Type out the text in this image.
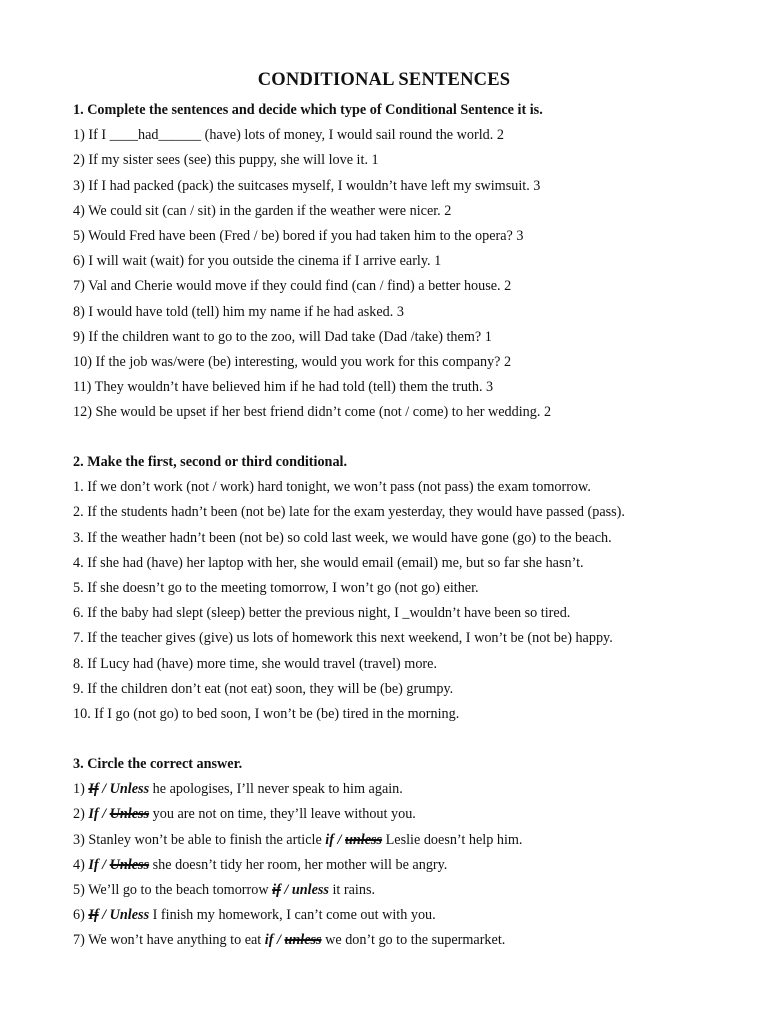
CONDITIONAL SENTENCES

1. Complete the sentences and decide which type of Conditional Sentence it is.

1) If I ____had______ (have) lots of money, I would sail round the world. 2

2) If my sister sees (see) this puppy, she will love it. 1

3) If I had packed (pack) the suitcases myself, I wouldn’t have left my swimsuit. 3

4) We could sit (can / sit) in the garden if the weather were nicer. 2

5) Would Fred have been (Fred / be) bored if you had taken him to the opera? 3

6) I will wait (wait) for you outside the cinema if I arrive early. 1

7) Val and Cherie would move if they could find (can / find) a better house. 2

8) I would have told (tell) him my name if he had asked. 3

9) If the children want to go to the zoo, will Dad take (Dad /take) them? 1

10) If the job was/were (be) interesting, would you work for this company? 2

11) They wouldn’t have believed him if he had told (tell) them the truth. 3

12) She would be upset if her best friend didn’t come (not / come) to her wedding. 2

2. Make the first, second or third conditional.

1. If we don’t work (not / work) hard tonight, we won’t pass (not pass) the exam tomorrow.

2. If the students hadn’t been (not be) late for the exam yesterday, they would have passed (pass).

3. If the weather hadn’t been (not be) so cold last week, we would have gone (go) to the beach.

4. If she had (have) her laptop with her, she would email (email) me, but so far she hasn’t.

5. If she doesn’t go to the meeting tomorrow, I won’t go (not go) either.

6. If the baby had slept (sleep) better the previous night, I _wouldn’t have been so tired.

7. If the teacher gives (give) us lots of homework this next weekend, I won’t be (not be) happy.

8. If Lucy had (have) more time, she would travel (travel) more.

9. If the children don’t eat (not eat) soon, they will be (be) grumpy.

10. If I go (not go) to bed soon, I won’t be (be) tired in the morning.

3. Circle the correct answer.

1) If / Unless he apologises, I’ll never speak to him again.

2) If / Unless you are not on time, they’ll leave without you.

3) Stanley won’t be able to finish the article if / unless Leslie doesn’t help him.

4) If / Unless she doesn’t tidy her room, her mother will be angry.

5) We’ll go to the beach tomorrow if / unless it rains.

6) If / Unless I finish my homework, I can’t come out with you.

7) We won’t have anything to eat if / unless we don’t go to the supermarket.
